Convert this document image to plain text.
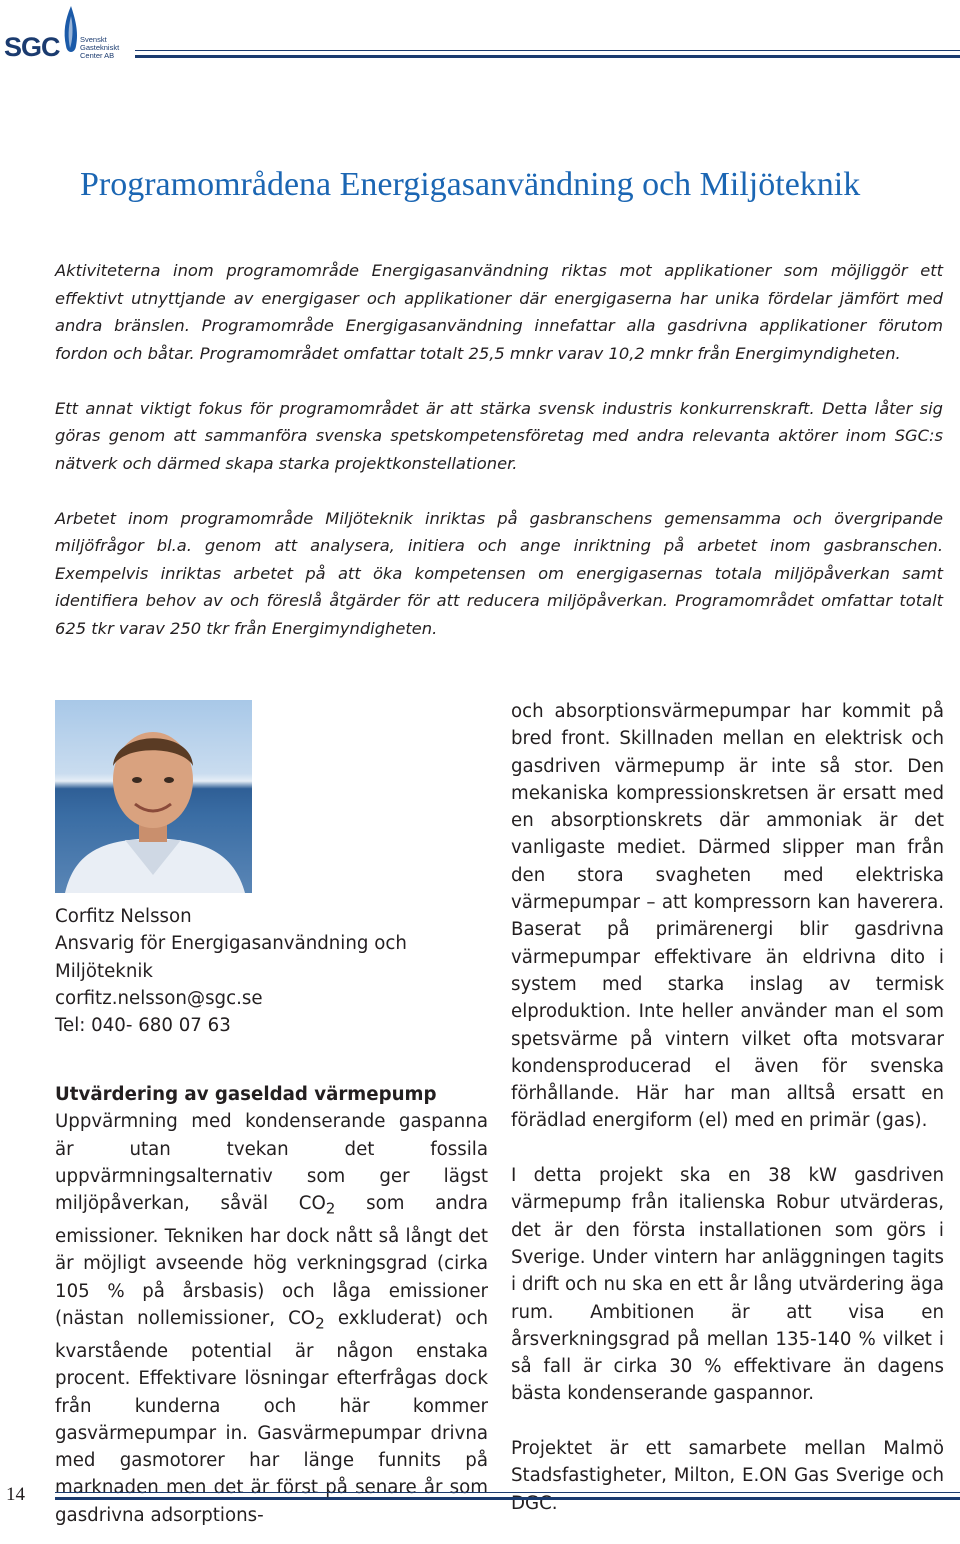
SGC	Svenskt Gastekniskt Center AB
Programområdena Energigasanvändning och Miljöteknik

Aktiviteterna inom programområde Energigasanvändning riktas mot applikationer som möjliggör ett effektivt utnyttjande av energigaser och applikationer där energigaserna har unika fördelar jämfört med andra bränslen. Programområde Energigasanvändning innefattar alla gasdrivna applikationer förutom fordon och båtar. Programområdet omfattar totalt 25,5 mnkr varav 10,2 mnkr från Energimyndigheten.

Ett annat viktigt fokus för programområdet är att stärka svensk industris konkurrenskraft. Detta låter sig göras genom att sammanföra svenska spetskompetensföretag med andra relevanta aktörer inom SGC:s nätverk och därmed skapa starka projektkonstellationer.

Arbetet inom programområde Miljöteknik inriktas på gasbranschens gemensamma och övergripande miljöfrågor bl.a. genom att analysera, initiera och ange inriktning på arbetet inom gasbranschen. Exempelvis inriktas arbetet på att öka kompetensen om energigasernas totala miljöpåverkan samt identifiera behov av och föreslå åtgärder för att reducera miljöpåverkan. Programområdet omfattar totalt 625 tkr varav 250 tkr från Energimyndigheten.

Corfitz Nelsson
Ansvarig för Energigasanvändning och
Miljöteknik
corfitz.nelsson@sgc.se
Tel: 040- 680 07 63

Utvärdering av gaseldad värmepump

Uppvärmning med kondenserande gaspanna är utan tvekan det fossila uppvärmningsalternativ som ger lägst miljöpåverkan, såväl $CO_2$ som andra emissioner. Tekniken har dock nått så långt det är möjligt avseende hög verkningsgrad (cirka 105 % på årsbasis) och låga emissioner (nästan nollemissioner, $CO_2$ exkluderat) och kvarstående potential är någon enstaka procent. Effektivare lösningar efterfrågas dock från kunderna och här kommer gasvärmepumpar in. Gasvärmepumpar drivna med gasmotorer har länge funnits på marknaden men det är först på senare år som gasdrivna adsorptions-

och absorptionsvärmepumpar har kommit på bred front. Skillnaden mellan en elektrisk och gasdriven värmepump är inte så stor. Den mekaniska kompressionskretsen är ersatt med en absorptionskrets där ammoniak är det vanligaste mediet. Därmed slipper man från den stora svagheten med elektriska värmepumpar – att kompressorn kan haverera. Baserat på primärenergi blir gasdrivna värmepumpar effektivare än eldrivna dito i system med starka inslag av termisk elproduktion. Inte heller använder man el som spetsvärme på vintern vilket ofta motsvarar kondensproducerad el även för svenska förhållande. Här har man alltså ersatt en förädlad energiform (el) med en primär (gas).

I detta projekt ska en 38 kW gasdriven värmepump från italienska Robur utvärderas, det är den första installationen som görs i Sverige. Under vintern har anläggningen tagits i drift och nu ska en ett år lång utvärdering äga rum. Ambitionen är att visa en årsverkningsgrad på mellan 135-140 % vilket i så fall är cirka 30 % effektivare än dagens bästa kondenserande gaspannor.

Projektet är ett samarbete mellan Malmö Stadsfastigheter, Milton, E.ON Gas Sverige och DGC.

14
